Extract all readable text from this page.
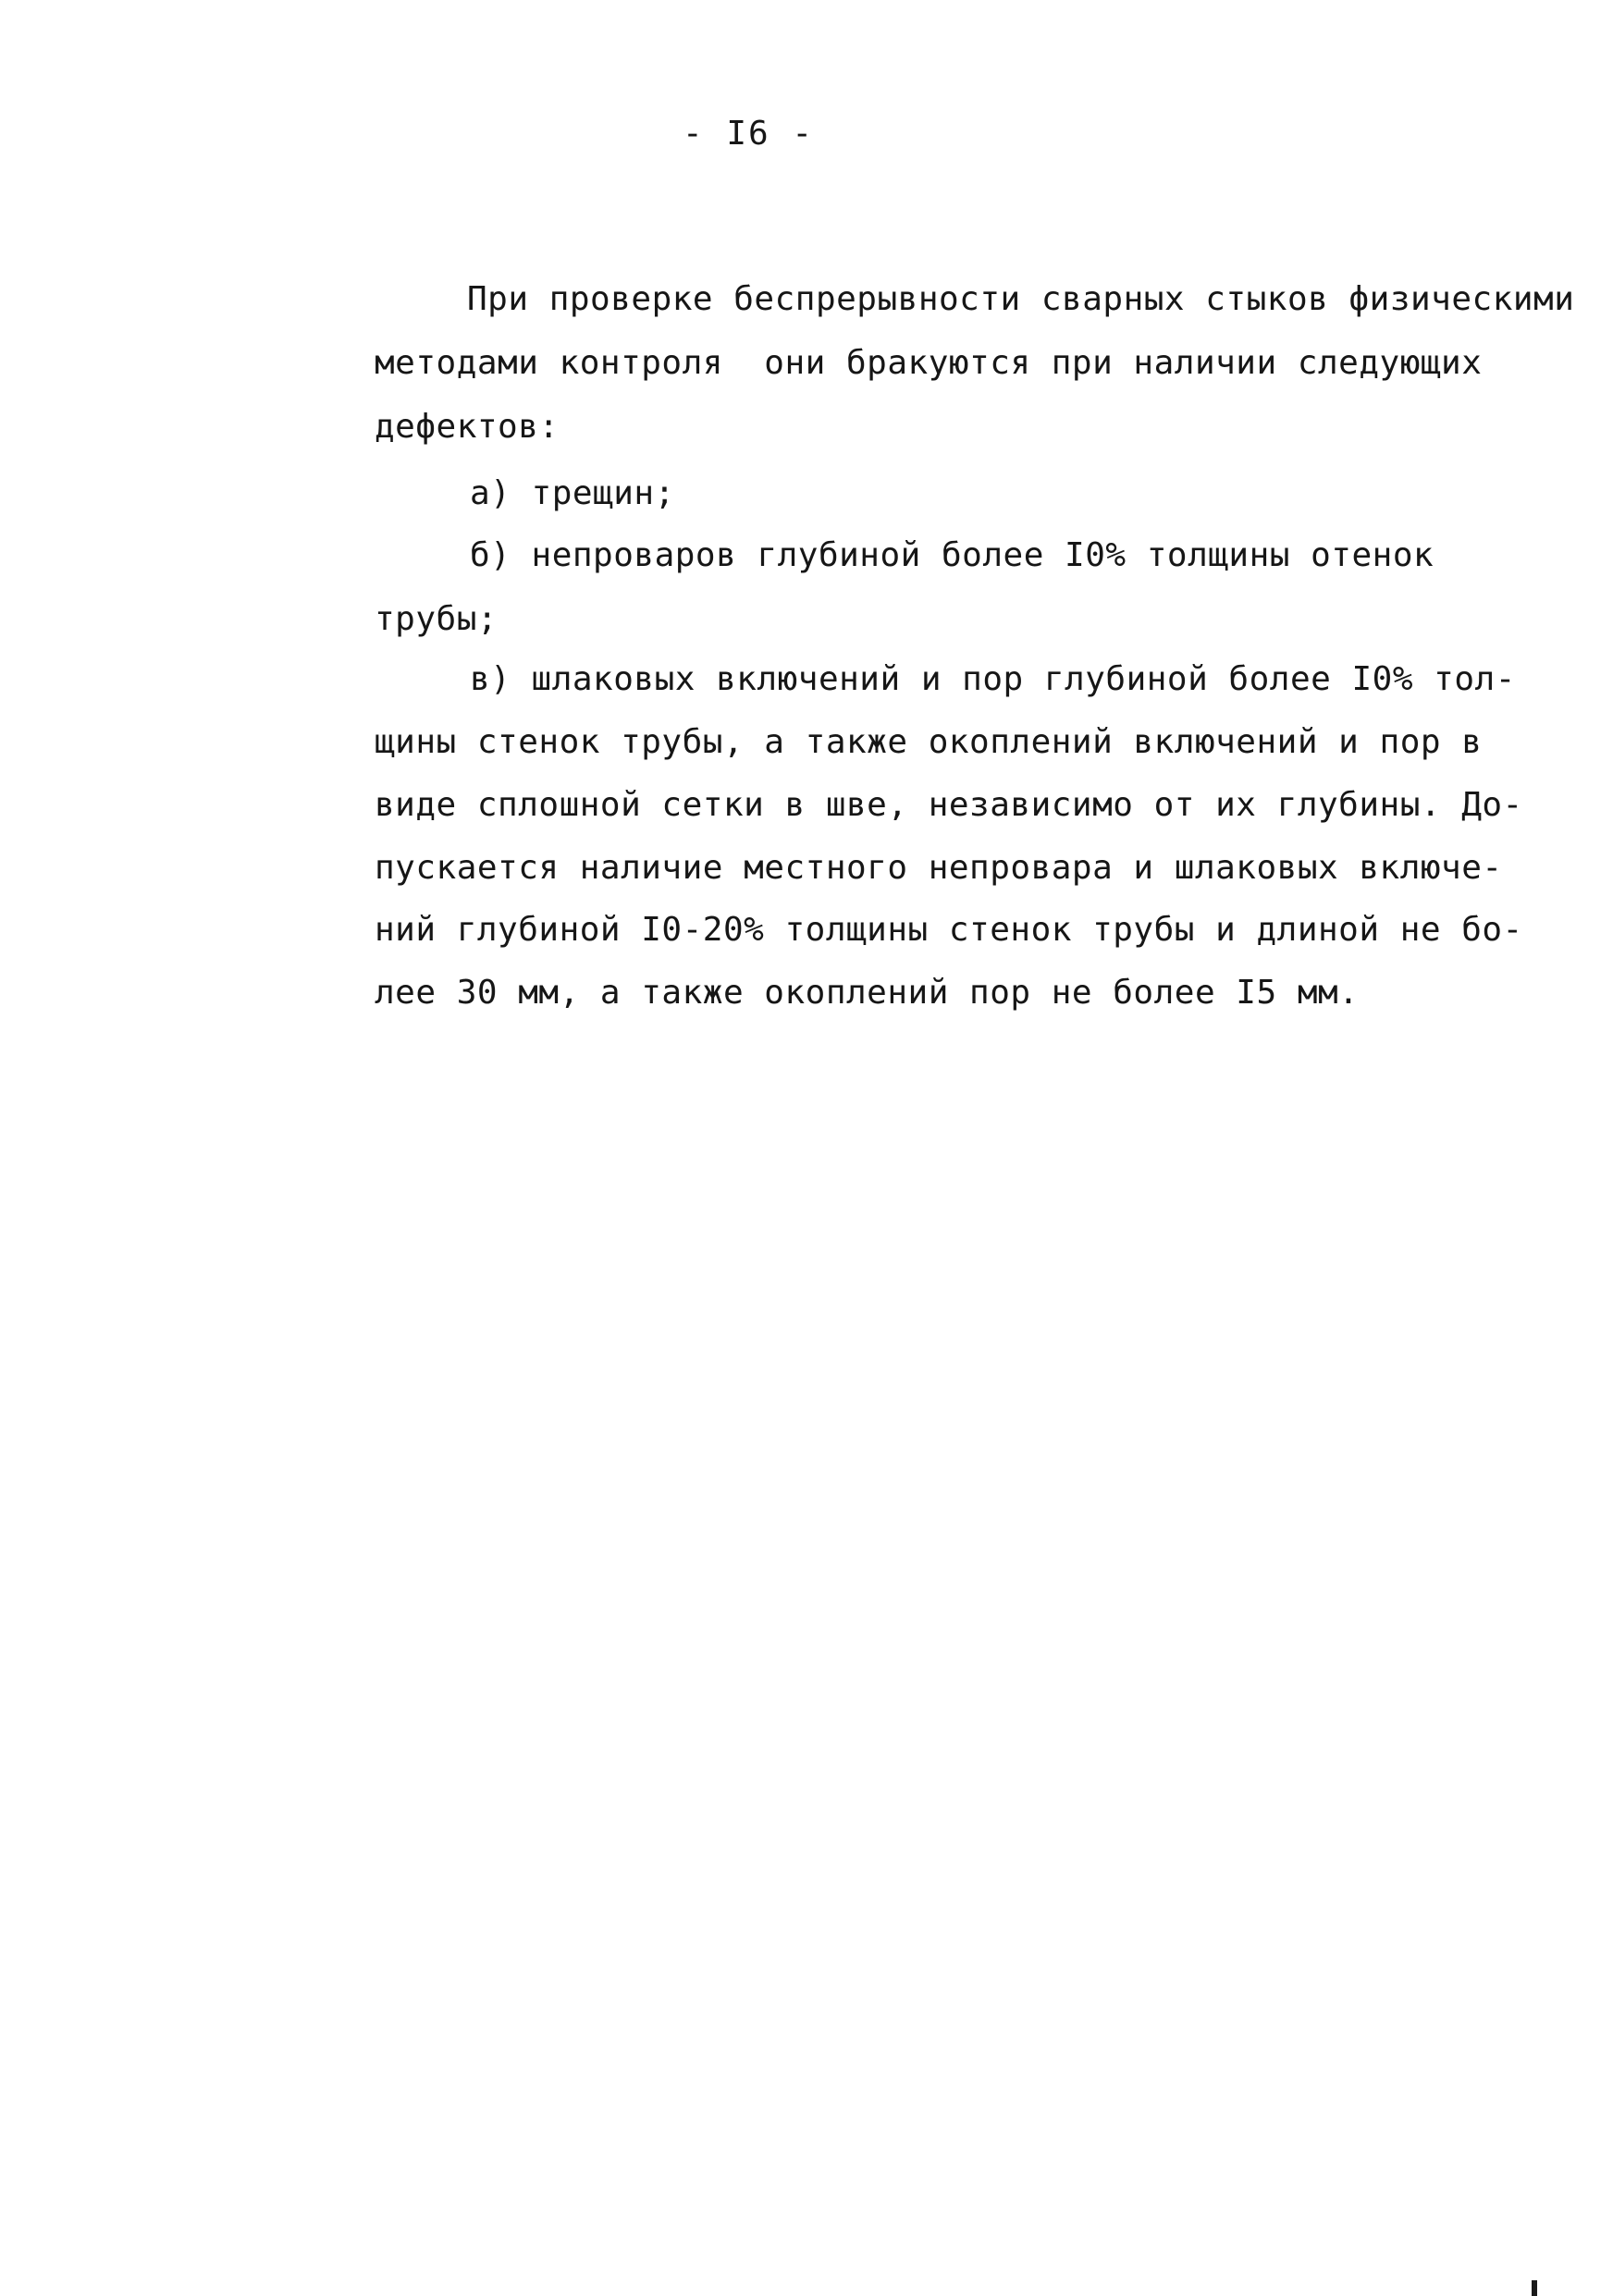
- I6 -
При проверке беспрерывности сварных стыков физическими
методами контроля  они бракуются при наличии следующих
дефектов:
а) трещин;
б) непроваров глубиной более I0% толщины отенок
трубы;
в) шлаковых включений и пор глубиной более I0% тол-
щины стенок трубы, а также окоплений включений и пор в
виде сплошной сетки в шве, независимо от их глубины. До-
пускается наличие местного непровара и шлаковых включе-
ний глубиной I0-20% толщины стенок трубы и длиной не бо-
лее 30 мм, а также окоплений пор не более I5 мм.
